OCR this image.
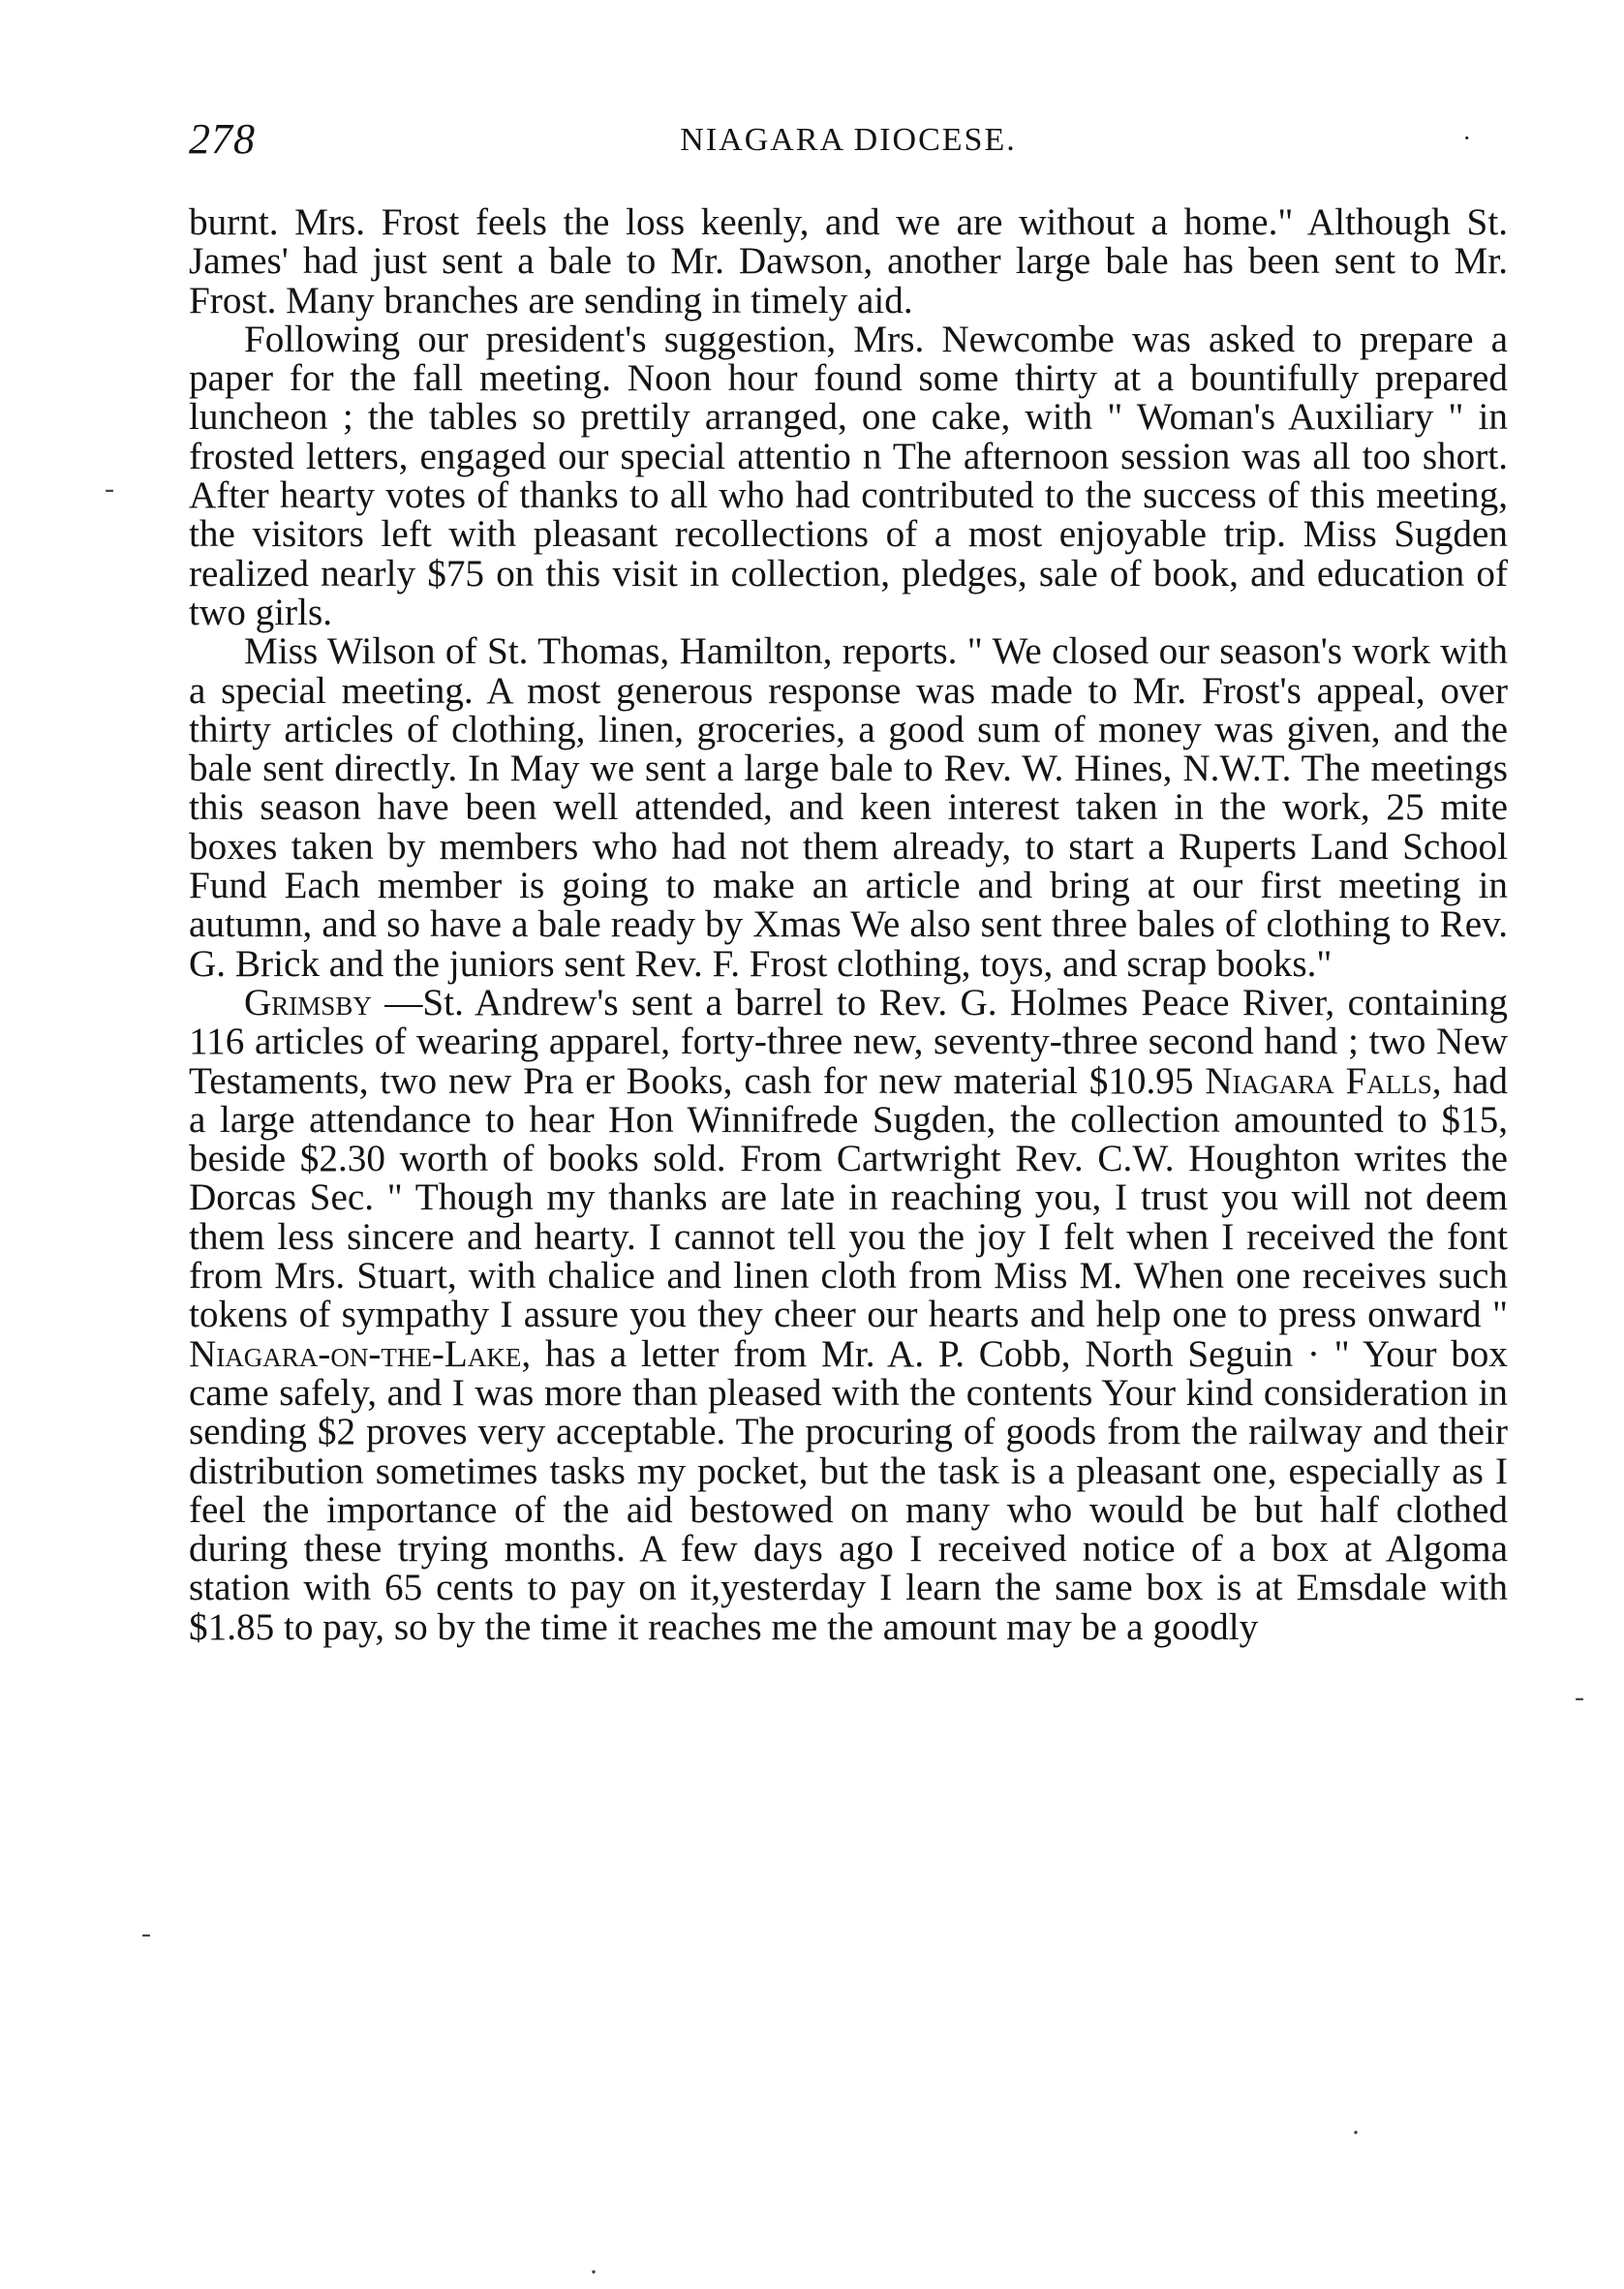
278	NIAGARA DIOCESE.	·

burnt. Mrs. Frost feels the loss keenly, and we are without a home." Although St. James' had just sent a bale to Mr. Dawson, another large bale has been sent to Mr. Frost. Many branches are sending in timely aid.

Following our president's suggestion, Mrs. Newcombe was asked to prepare a paper for the fall meeting. Noon hour found some thirty at a bountifully prepared luncheon ; the tables so prettily arranged, one cake, with " Woman's Auxiliary " in frosted letters, engaged our special attentio n The afternoon session was all too short. After hearty votes of thanks to all who had contributed to the success of this meeting, the visitors left with pleasant recollections of a most enjoyable trip. Miss Sugden realized nearly $75 on this visit in collection, pledges, sale of book, and education of two girls.

Miss Wilson of St. Thomas, Hamilton, reports. " We closed our season's work with a special meeting. A most generous response was made to Mr. Frost's appeal, over thirty articles of clothing, linen, groceries, a good sum of money was given, and the bale sent directly. In May we sent a large bale to Rev. W. Hines, N.W.T. The meetings this season have been well attended, and keen interest taken in the work, 25 mite boxes taken by members who had not them already, to start a Ruperts Land School Fund Each member is going to make an article and bring at our first meeting in autumn, and so have a bale ready by Xmas We also sent three bales of clothing to Rev. G. Brick and the juniors sent Rev. F. Frost clothing, toys, and scrap books."

Grimsby —St. Andrew's sent a barrel to Rev. G. Holmes Peace River, containing 116 articles of wearing apparel, forty-three new, seventy-three second hand ; two New Testaments, two new Pra er Books, cash for new material $10.95 Niagara Falls, had a large attendance to hear Hon Winnifrede Sugden, the collection amounted to $15, beside $2.30 worth of books sold. From Cartwright Rev. C.W. Houghton writes the Dorcas Sec. " Though my thanks are late in reaching you, I trust you will not deem them less sincere and hearty. I cannot tell you the joy I felt when I received the font from Mrs. Stuart, with chalice and linen cloth from Miss M. When one receives such tokens of sympathy I assure you they cheer our hearts and help one to press onward " Niagara-on-the-Lake, has a letter from Mr. A. P. Cobb, North Seguin · " Your box came safely, and I was more than pleased with the contents Your kind consideration in sending $2 proves very acceptable. The procuring of goods from the railway and their distribution sometimes tasks my pocket, but the task is a pleasant one, especially as I feel the importance of the aid bestowed on many who would be but half clothed during these trying months. A few days ago I received notice of a box at Algoma station with 65 cents to pay on it,yesterday I learn the same box is at Emsdale with $1.85 to pay, so by the time it reaches me the amount may be a goodly

-
-
-
·
·
